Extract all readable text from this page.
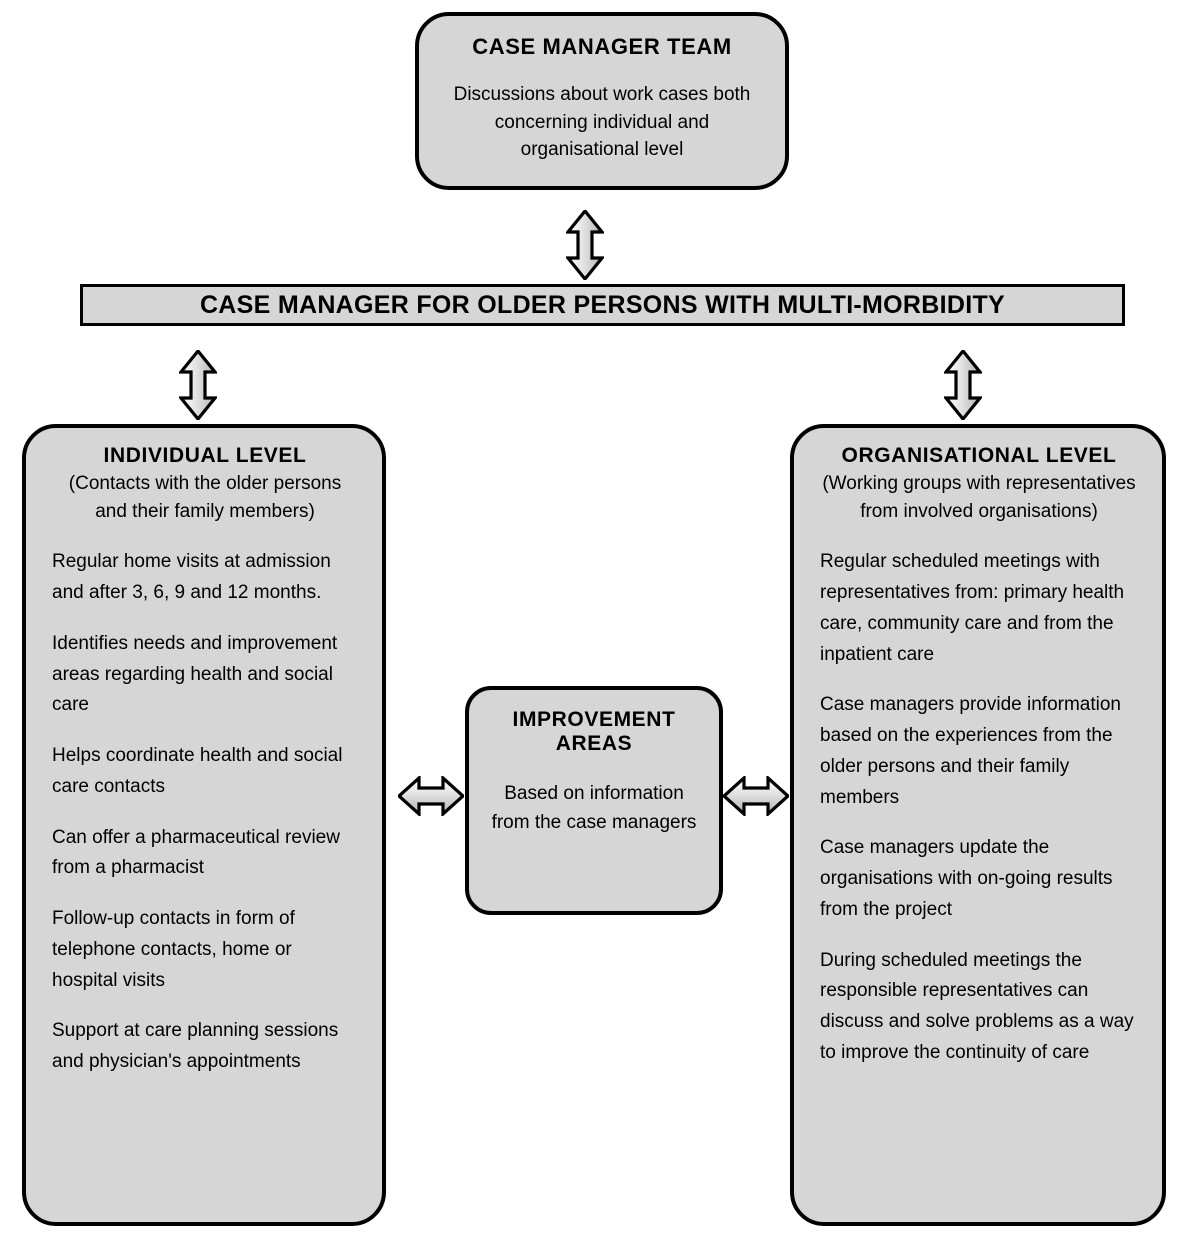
CASE MANAGER TEAM
Discussions about work cases both concerning individual and organisational level
CASE MANAGER FOR OLDER PERSONS WITH MULTI-MORBIDITY
INDIVIDUAL LEVEL
(Contacts with the older persons and their family members)
Regular home visits at admission and after 3, 6, 9 and 12 months.
Identifies needs and improvement areas regarding health and social care
Helps coordinate health and social care contacts
Can offer a pharmaceutical review from a pharmacist
Follow-up contacts in form of telephone contacts, home or hospital visits
Support at care planning sessions and physician's appointments
ORGANISATIONAL LEVEL
(Working groups with representatives from involved organisations)
Regular scheduled meetings with representatives from: primary health care, community care and from the inpatient care
Case managers provide information based on the experiences from the older persons and their family members
Case managers update the organisations with on-going results from the project
During scheduled meetings the responsible representatives can discuss and solve problems as a way to improve the continuity of care
IMPROVEMENT AREAS
Based on information from the case managers
